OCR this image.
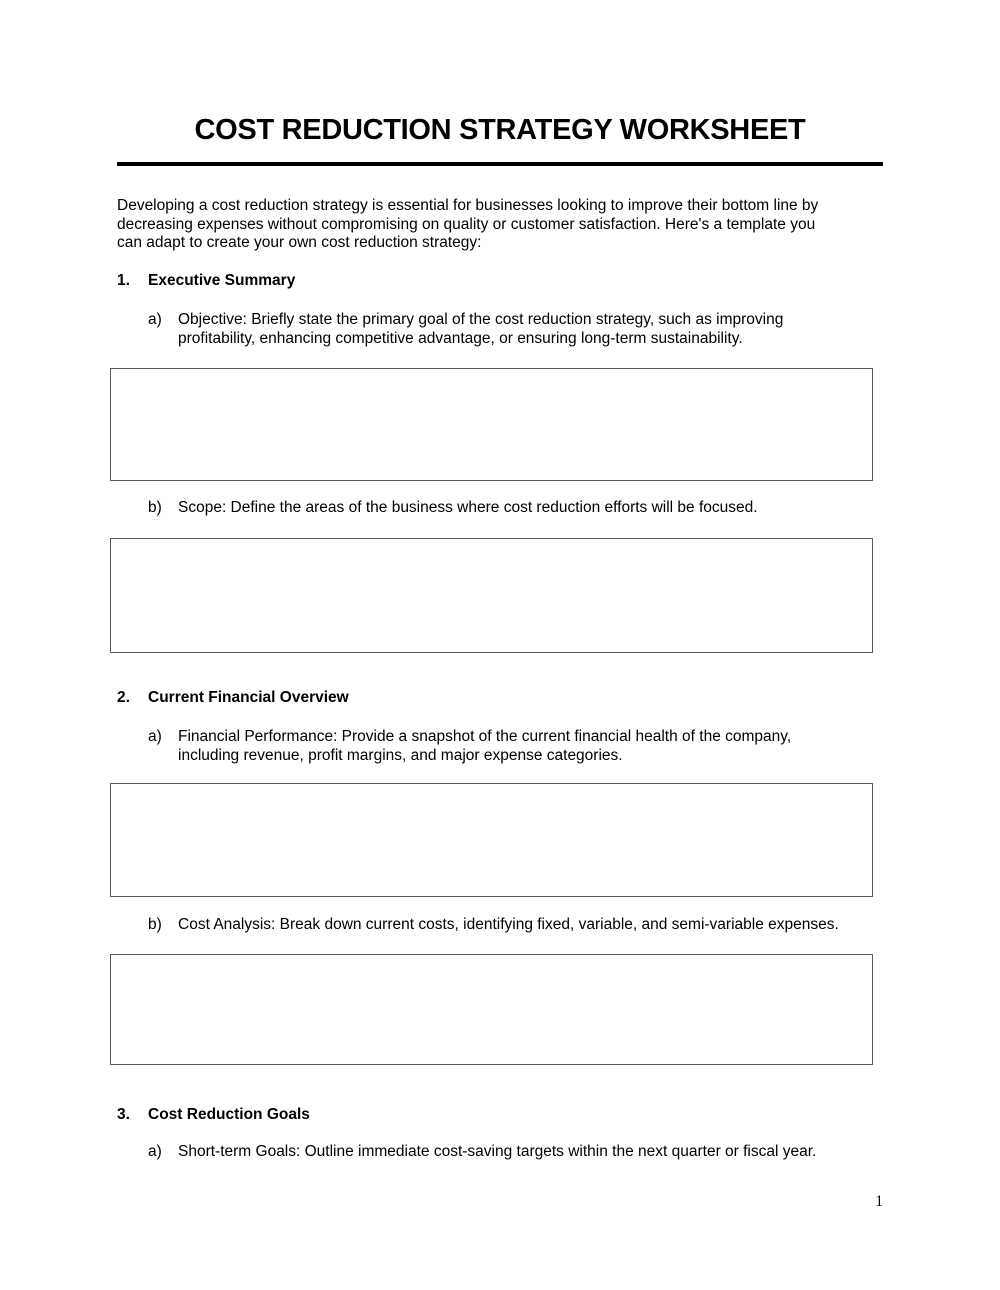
COST REDUCTION STRATEGY WORKSHEET
Developing a cost reduction strategy is essential for businesses looking to improve their bottom line by
decreasing expenses without compromising on quality or customer satisfaction. Here's a template you
can adapt to create your own cost reduction strategy:
1.	Executive Summary
a)	Objective: Briefly state the primary goal of the cost reduction strategy, such as improving
profitability, enhancing competitive advantage, or ensuring long-term sustainability.
b)	Scope: Define the areas of the business where cost reduction efforts will be focused.
2.	Current Financial Overview
a)	Financial Performance: Provide a snapshot of the current financial health of the company,
including revenue, profit margins, and major expense categories.
b)	Cost Analysis: Break down current costs, identifying fixed, variable, and semi-variable expenses.
3.	Cost Reduction Goals
a)	Short-term Goals: Outline immediate cost-saving targets within the next quarter or fiscal year.
1
